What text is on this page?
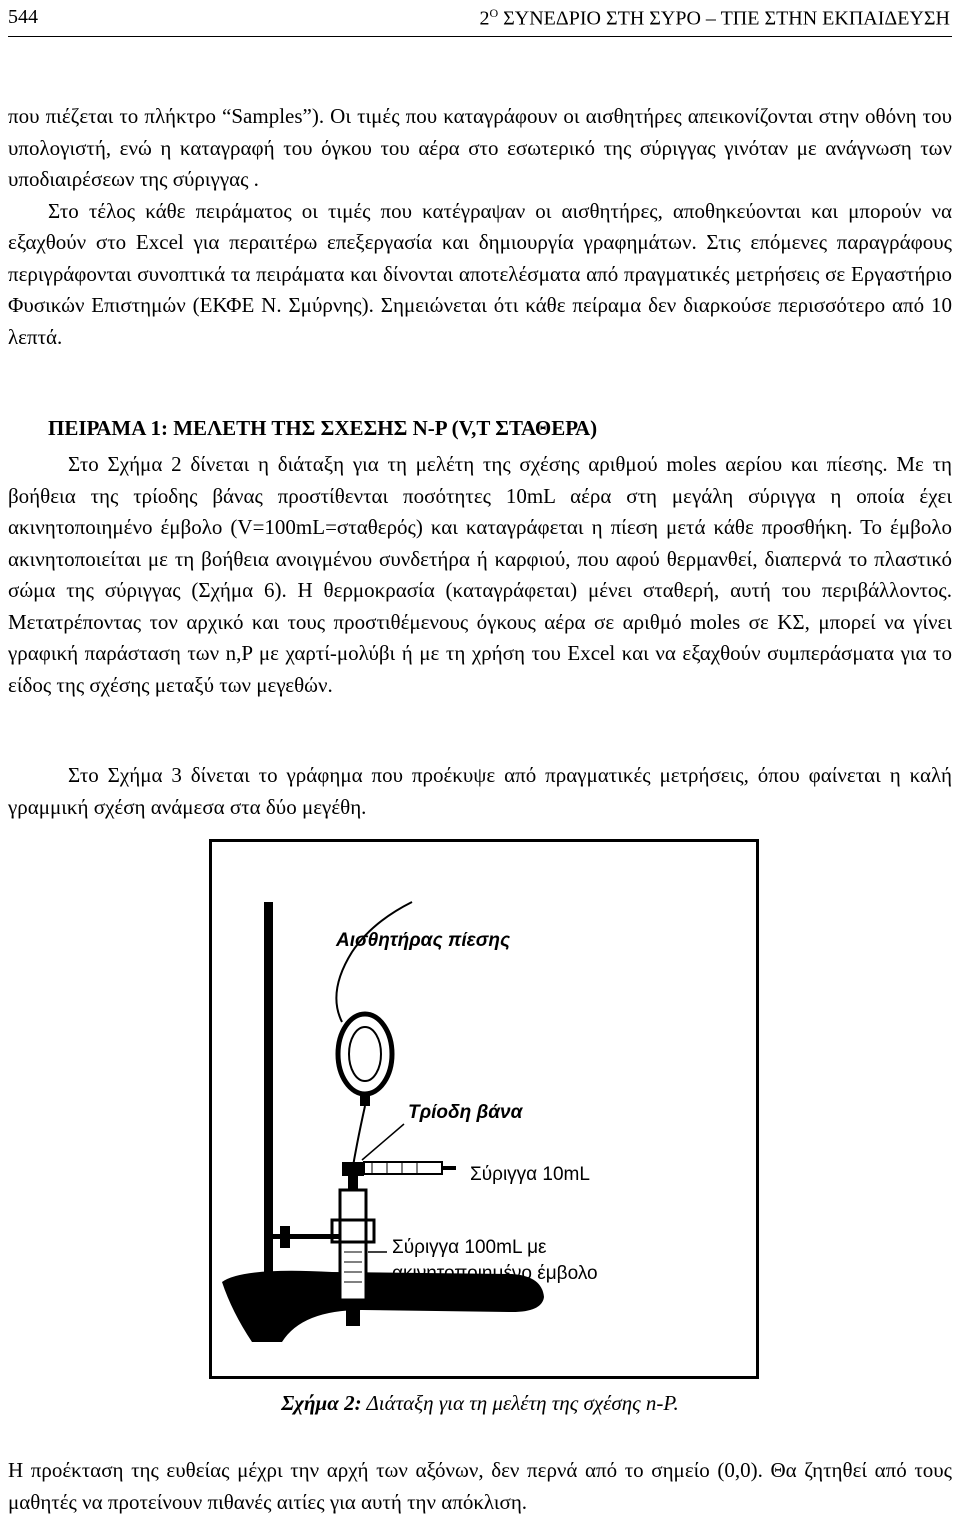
544	$2^O$ ΣΥΝΕΔΡΙΟ ΣΤΗ ΣΥΡΟ – ΤΠΕ ΣΤΗΝ ΕΚΠΑΙΔΕΥΣΗ
που πιέζεται το πλήκτρο “Samples”). Οι τιμές που καταγράφουν οι αισθητήρες απεικονίζονται στην οθόνη του υπολογιστή, ενώ η καταγραφή του όγκου του αέρα στο εσωτερικό της σύριγγας γινόταν με ανάγνωση των υποδιαιρέσεων της σύριγγας .
Στο τέλος κάθε πειράματος οι τιμές που κατέγραψαν οι αισθητήρες, αποθηκεύονται και μπορούν να εξαχθούν στο Excel για περαιτέρω επεξεργασία και δημιουργία γραφημάτων. Στις επόμενες παραγράφους περιγράφονται συνοπτικά τα πειράματα και δίνονται αποτελέσματα από πραγματικές μετρήσεις σε Εργαστήριο Φυσικών Επιστημών (ΕΚΦΕ Ν. Σμύρνης). Σημειώνεται ότι κάθε πείραμα δεν διαρκούσε περισσότερο από 10 λεπτά.
ΠΕΙΡΑΜΑ 1: ΜΕΛΕΤΗ ΤΗΣ ΣΧΕΣΗΣ N-P (V,T ΣΤΑΘΕΡΑ)
Στο Σχήμα 2 δίνεται η διάταξη για τη μελέτη της σχέσης αριθμού moles αερίου και πίεσης. Με τη βοήθεια της τρίοδης βάνας προστίθενται ποσότητες 10mL αέρα στη μεγάλη σύριγγα η οποία έχει ακινητοποιημένο έμβολο (V=100mL=σταθερός) και καταγράφεται η πίεση μετά κάθε προσθήκη. Το έμβολο ακινητοποιείται με τη βοήθεια ανοιγμένου συνδετήρα ή καρφιού, που αφού θερμανθεί, διαπερνά το πλαστικό σώμα της σύριγγας (Σχήμα 6). Η θερμοκρασία (καταγράφεται) μένει σταθερή, αυτή του περιβάλλοντος. Μετατρέποντας τον αρχικό και τους προστιθέμενους όγκους αέρα σε αριθμό moles σε ΚΣ, μπορεί να γίνει γραφική παράσταση των n,P με χαρτί-μολύβι ή με τη χρήση του Excel και να εξαχθούν συμπεράσματα για το είδος της σχέσης μεταξύ των μεγεθών.
Στο Σχήμα 3 δίνεται το γράφημα που προέκυψε από πραγματικές μετρήσεις, όπου φαίνεται η καλή γραμμική σχέση ανάμεσα στα δύο μεγέθη.
Αισθητήρας πίεσης
Τρίοδη βάνα
Σύριγγα 10mL
Σύριγγα 100mL με
ακινητοποιημένο έμβολο
Σχήμα 2: Διάταξη για τη μελέτη της σχέσης n-P.
Η προέκταση της ευθείας μέχρι την αρχή των αξόνων, δεν περνά από το σημείο (0,0). Θα ζητηθεί από τους μαθητές να προτείνουν πιθανές αιτίες για αυτή την απόκλιση.
